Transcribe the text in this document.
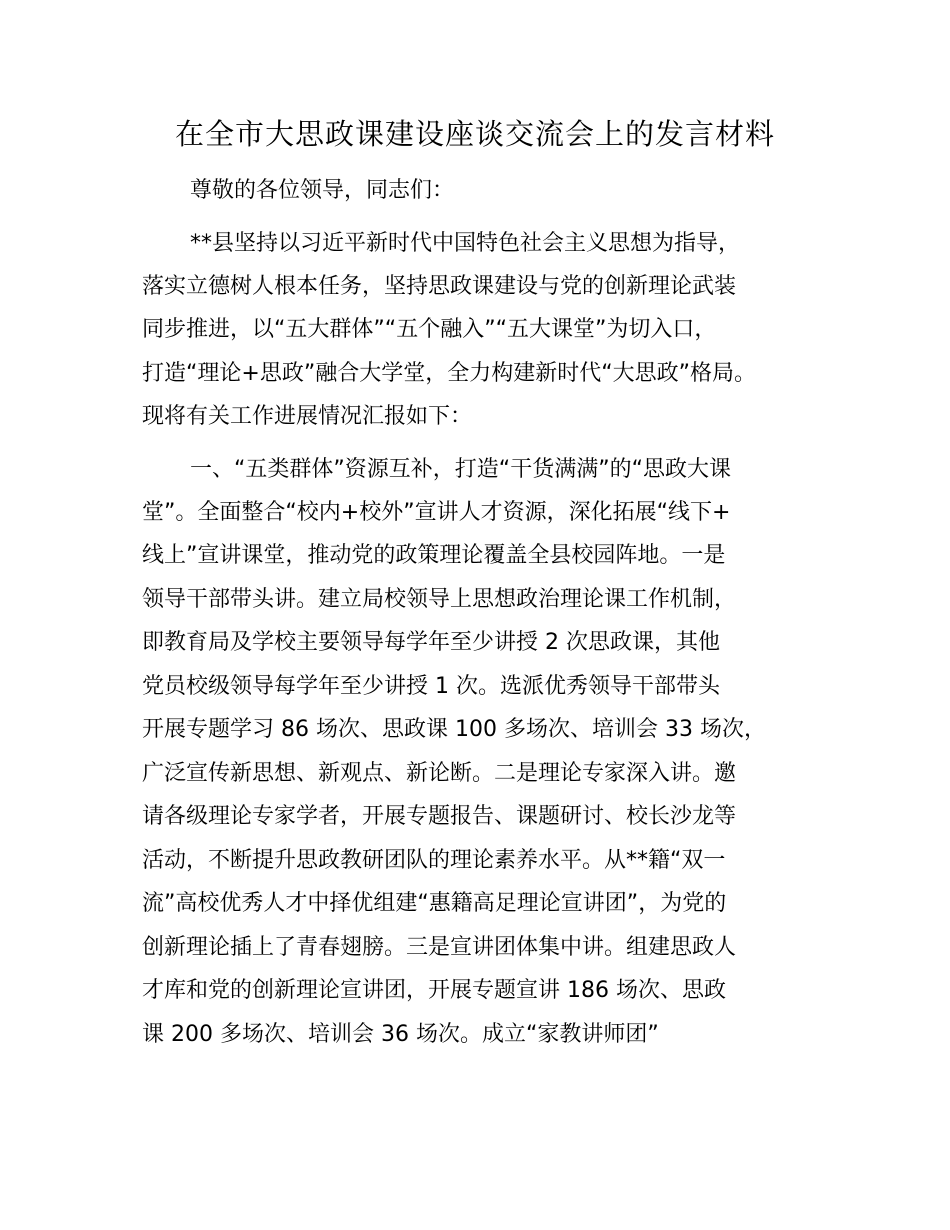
在全市大思政课建设座谈交流会上的发言材料
尊敬的各位领导，同志们：
**县坚持以习近平新时代中国特色社会主义思想为指导，
落实立德树人根本任务，坚持思政课建设与党的创新理论武装
同步推进，以“五大群体”“五个融入”“五大课堂”为切入口，
打造“理论+思政”融合大学堂，全力构建新时代“大思政”格局。
现将有关工作进展情况汇报如下：
一、“五类群体”资源互补，打造“干货满满”的“思政大课
堂”。全面整合“校内+校外”宣讲人才资源，深化拓展“线下+
线上”宣讲课堂，推动党的政策理论覆盖全县校园阵地。一是
领导干部带头讲。建立局校领导上思想政治理论课工作机制，
即教育局及学校主要领导每学年至少讲授 2 次思政课，其他
党员校级领导每学年至少讲授 1 次。选派优秀领导干部带头
开展专题学习 86 场次、思政课 100 多场次、培训会 33 场次，
广泛宣传新思想、新观点、新论断。二是理论专家深入讲。邀
请各级理论专家学者，开展专题报告、课题研讨、校长沙龙等
活动，不断提升思政教研团队的理论素养水平。从**籍“双一
流”高校优秀人才中择优组建“惠籍高足理论宣讲团”，为党的
创新理论插上了青春翅膀。三是宣讲团体集中讲。组建思政人
才库和党的创新理论宣讲团，开展专题宣讲 186 场次、思政
课 200 多场次、培训会 36 场次。成立“家教讲师团”
